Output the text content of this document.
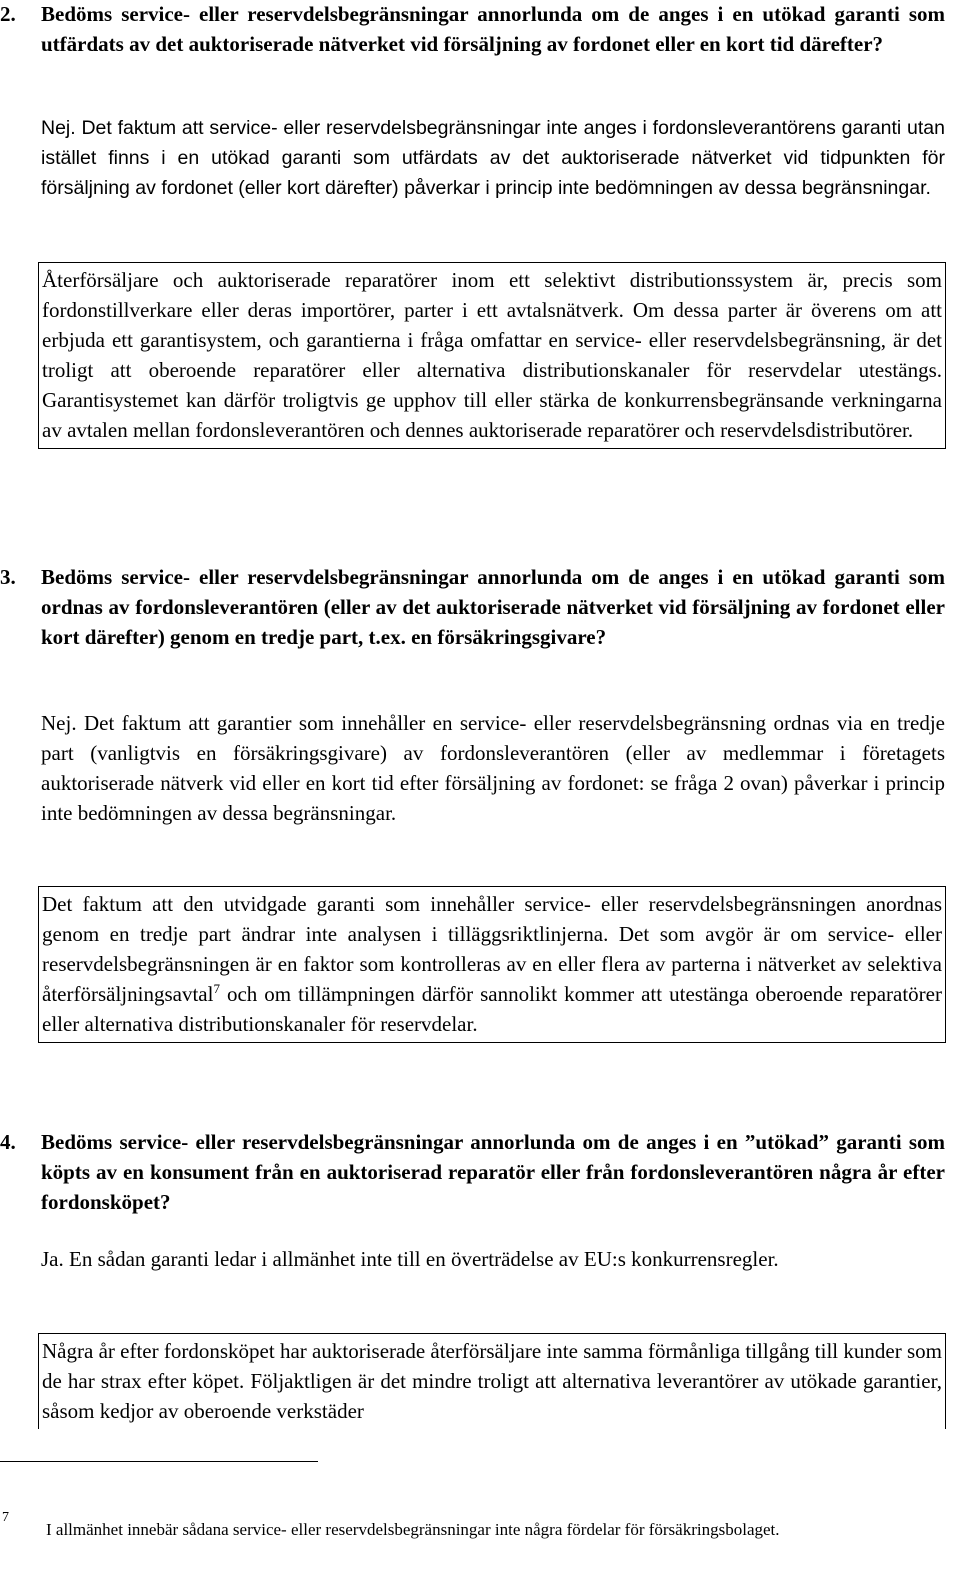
2. Bedöms service- eller reservdelsbegränsningar annorlunda om de anges i en utökad garanti som utfärdats av det auktoriserade nätverket vid försäljning av fordonet eller en kort tid därefter?
Nej. Det faktum att service- eller reservdelsbegränsningar inte anges i fordonsleverantörens garanti utan istället finns i en utökad garanti som utfärdats av det auktoriserade nätverket vid tidpunkten för försäljning av fordonet (eller kort därefter) påverkar i princip inte bedömningen av dessa begränsningar.
Återförsäljare och auktoriserade reparatörer inom ett selektivt distributionssystem är, precis som fordonstillverkare eller deras importörer, parter i ett avtalsnätverk. Om dessa parter är överens om att erbjuda ett garantisystem, och garantierna i fråga omfattar en service- eller reservdelsbegränsning, är det troligt att oberoende reparatörer eller alternativa distributionskanaler för reservdelar utestängs. Garantisystemet kan därför troligtvis ge upphov till eller stärka de konkurrensbegränsande verkningarna av avtalen mellan fordonsleverantören och dennes auktoriserade reparatörer och reservdelsdistributörer.
3. Bedöms service- eller reservdelsbegränsningar annorlunda om de anges i en utökad garanti som ordnas av fordonsleverantören (eller av det auktoriserade nätverket vid försäljning av fordonet eller kort därefter) genom en tredje part, t.ex. en försäkringsgivare?
Nej. Det faktum att garantier som innehåller en service- eller reservdelsbegränsning ordnas via en tredje part (vanligtvis en försäkringsgivare) av fordonsleverantören (eller av medlemmar i företagets auktoriserade nätverk vid eller en kort tid efter försäljning av fordonet: se fråga 2 ovan) påverkar i princip inte bedömningen av dessa begränsningar.
Det faktum att den utvidgade garanti som innehåller service- eller reservdelsbegränsningen anordnas genom en tredje part ändrar inte analysen i tilläggsriktlinjerna. Det som avgör är om service- eller reservdelsbegränsningen är en faktor som kontrolleras av en eller flera av parterna i nätverket av selektiva återförsäljningsavtal$^7$ och om tillämpningen därför sannolikt kommer att utestänga oberoende reparatörer eller alternativa distributionskanaler för reservdelar.
4. Bedöms service- eller reservdelsbegränsningar annorlunda om de anges i en ”utökad” garanti som köpts av en konsument från en auktoriserad reparatör eller från fordonsleverantören några år efter fordonsköpet?
Ja. En sådan garanti ledar i allmänhet inte till en överträdelse av EU:s konkurrensregler.
Några år efter fordonsköpet har auktoriserade återförsäljare inte samma förmånliga tillgång till kunder som de har strax efter köpet. Följaktligen är det mindre troligt att alternativa leverantörer av utökade garantier, såsom kedjor av oberoende verkstäder
7
I allmänhet innebär sådana service- eller reservdelsbegränsningar inte några fördelar för försäkringsbolaget.
